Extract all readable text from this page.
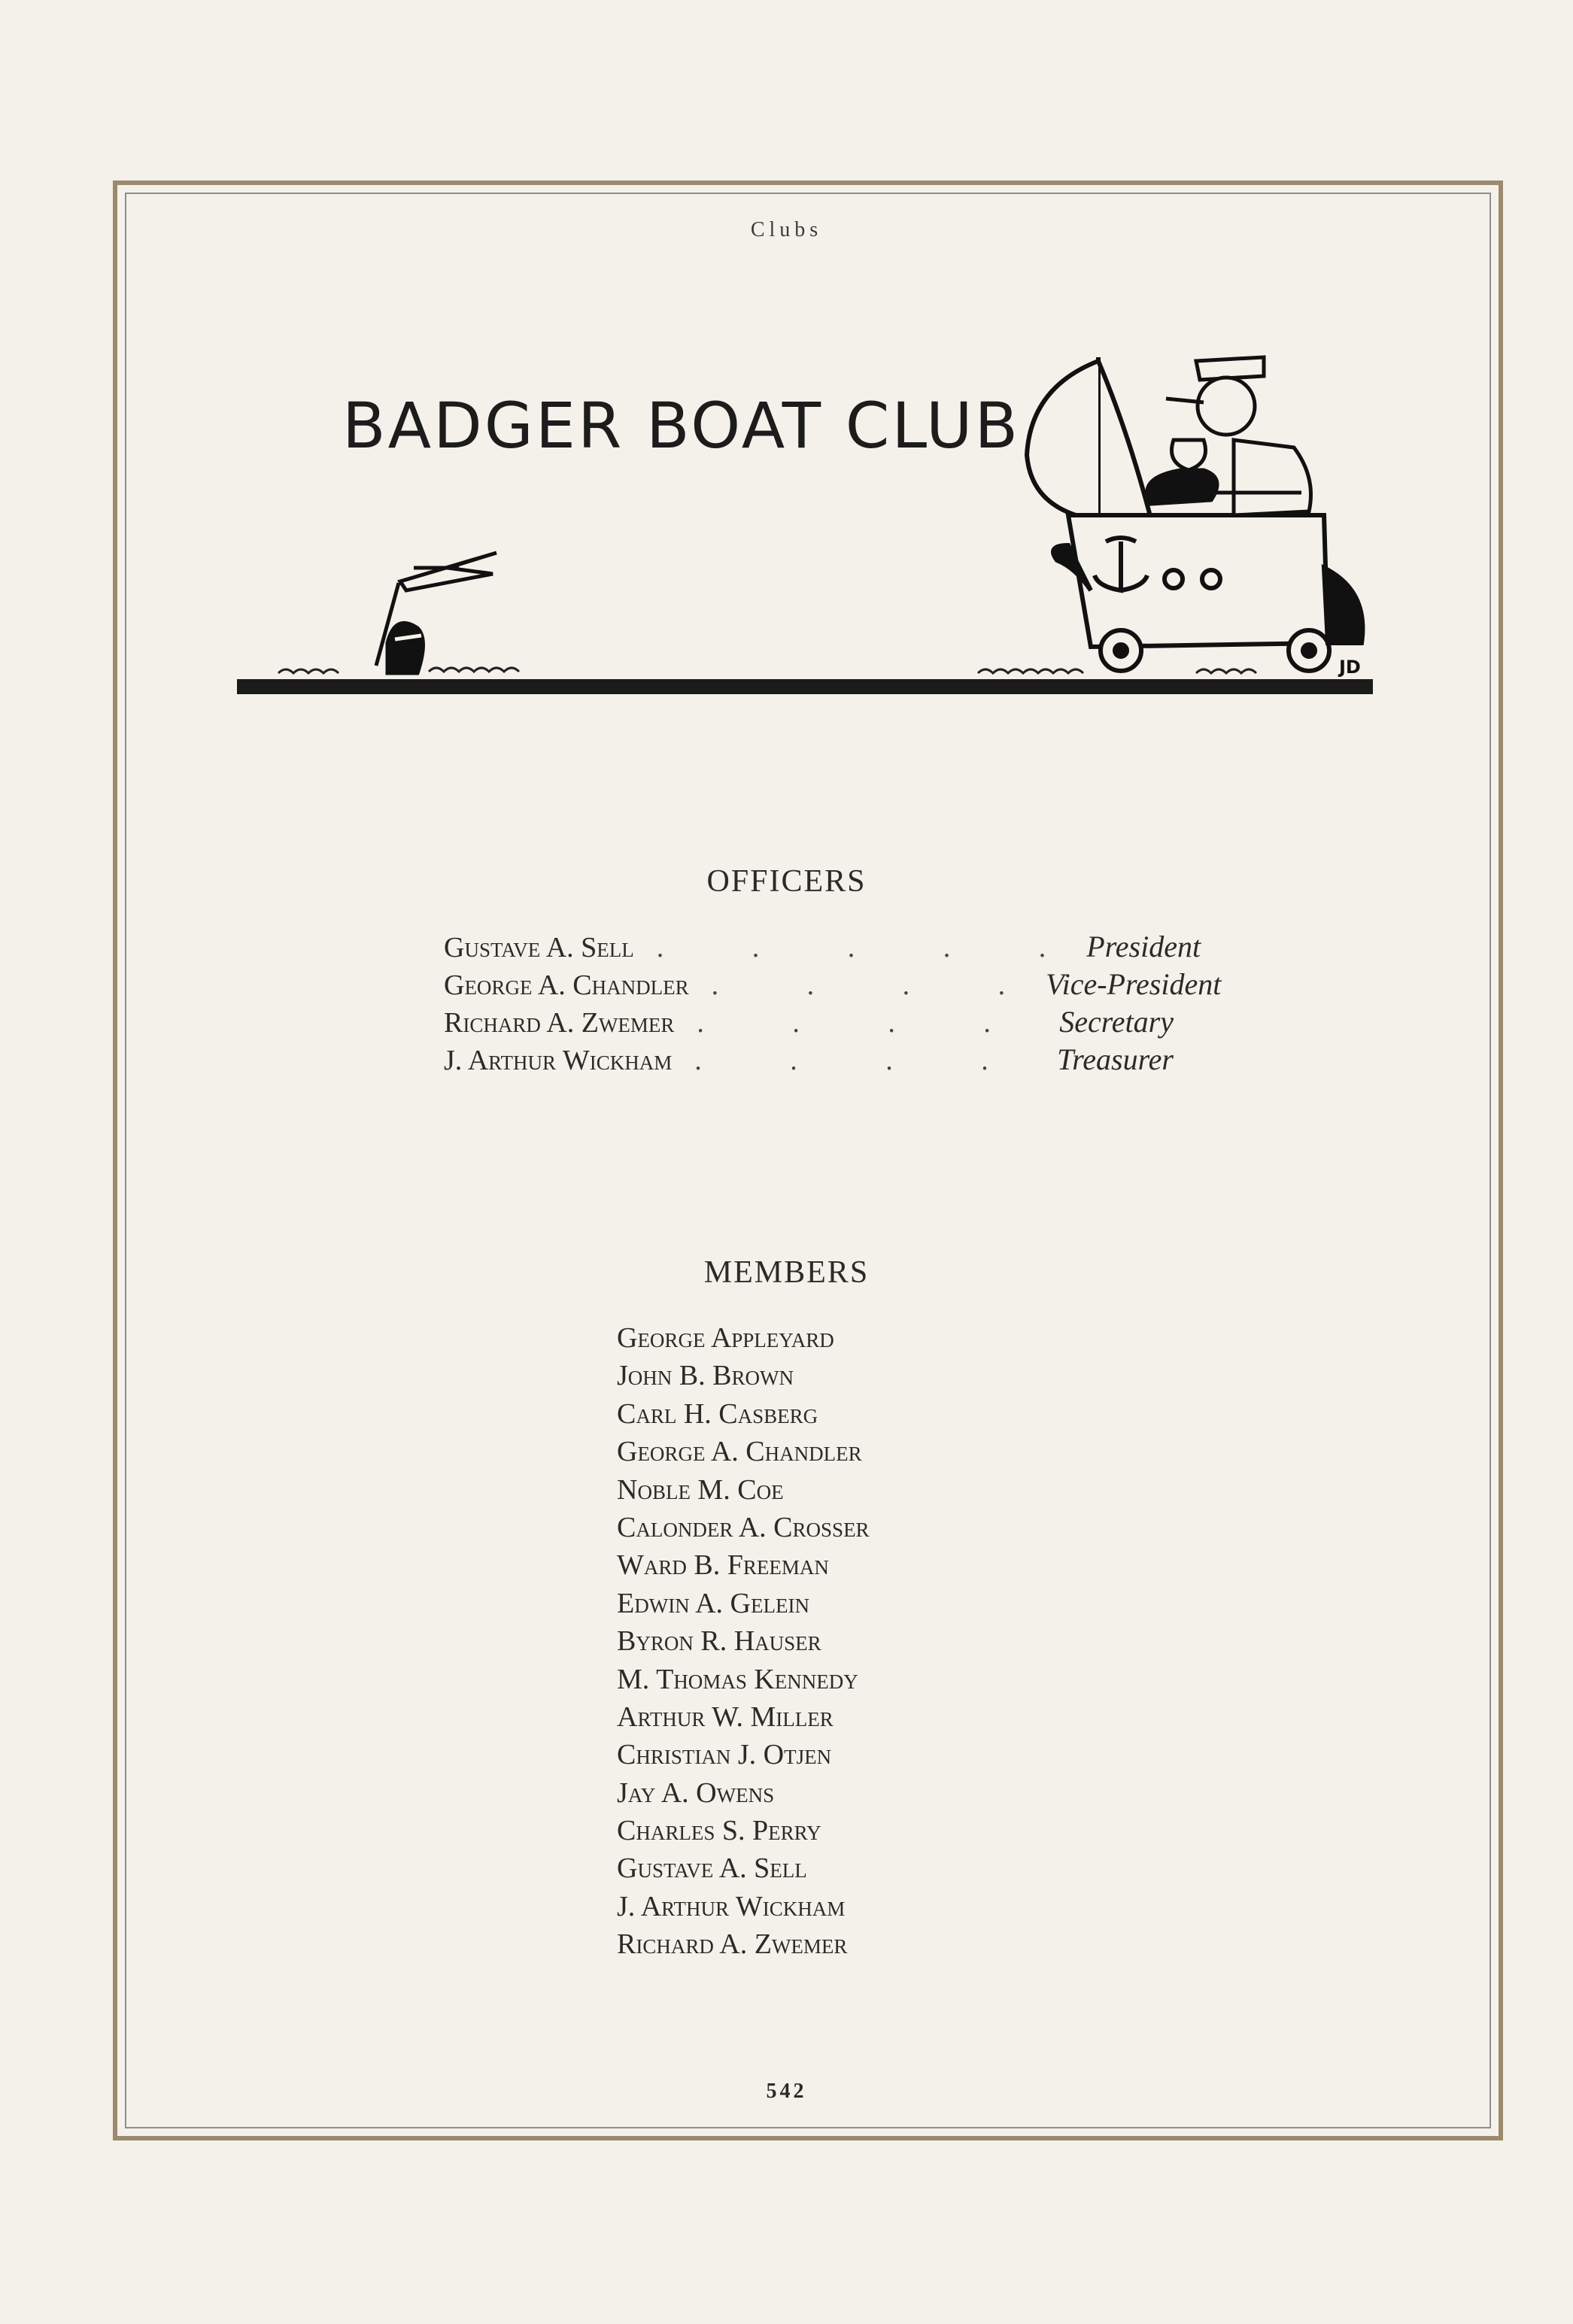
Clubs
BADGER BOAT CLUB
JD
OFFICERS
Gustave A. Sell . . . . . President
George A. Chandler . . . . Vice-President
Richard A. Zwemer . . . . Secretary
J. Arthur Wickham . . . . Treasurer
MEMBERS
George Appleyard
John B. Brown
Carl H. Casberg
George A. Chandler
Noble M. Coe
Calonder A. Crosser
Ward B. Freeman
Edwin A. Gelein
Byron R. Hauser
M. Thomas Kennedy
Arthur W. Miller
Christian J. Otjen
Jay A. Owens
Charles S. Perry
Gustave A. Sell
J. Arthur Wickham
Richard A. Zwemer
542
